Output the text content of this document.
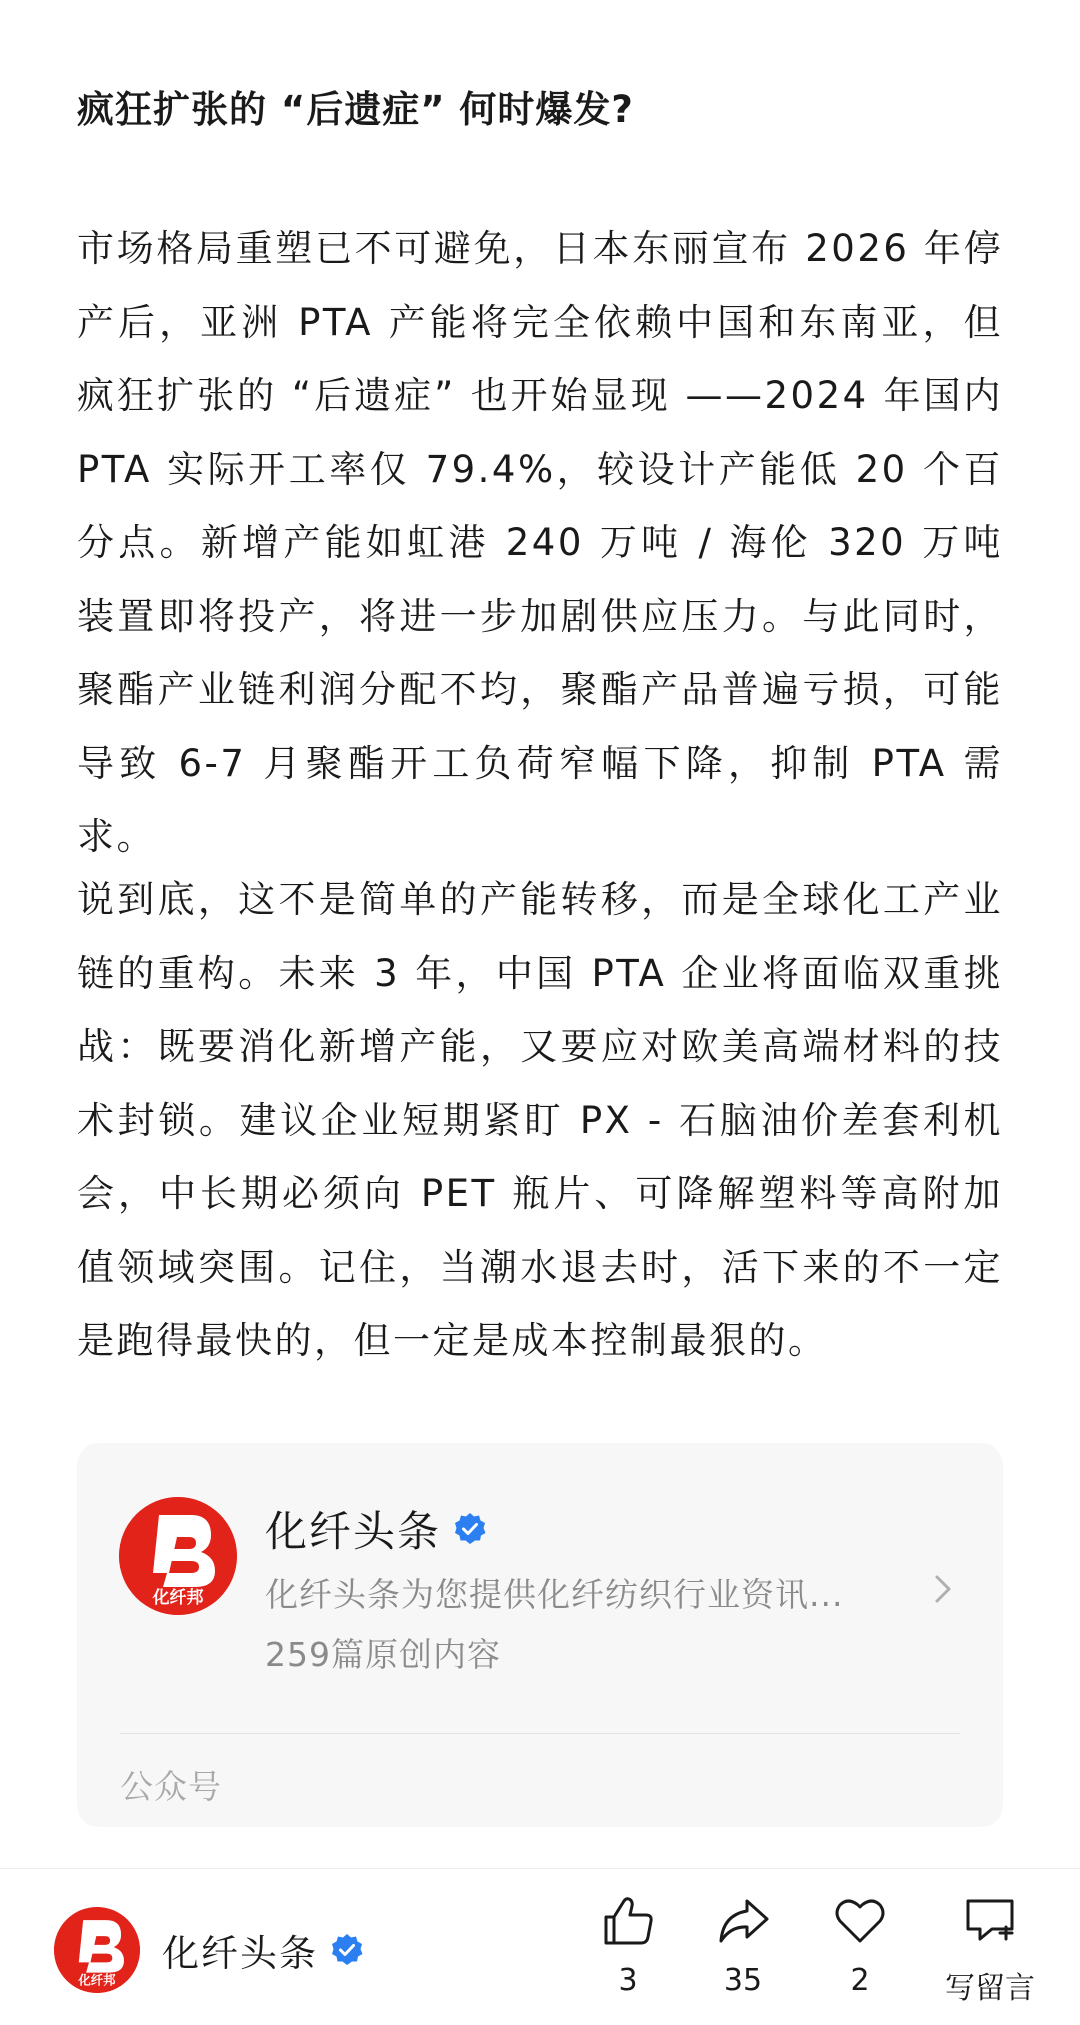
疯狂扩张的 “后遗症” 何时爆发?

市场格局重塑已不可避免，日本东丽宣布 2026 年停产后，亚洲 PTA 产能将完全依赖中国和东南亚，但疯狂扩张的 “后遗症” 也开始显现 ——2024 年国内 PTA 实际开工率仅 79.4%，较设计产能低 20 个百分点。新增产能如虹港 240 万吨 / 海伦 320 万吨装置即将投产，将进一步加剧供应压力。与此同时，聚酯产业链利润分配不均，聚酯产品普遍亏损，可能导致 6-7 月聚酯开工负荷窄幅下降，抑制 PTA 需求。

说到底，这不是简单的产能转移，而是全球化工产业链的重构。未来 3 年，中国 PTA 企业将面临双重挑战：既要消化新增产能，又要应对欧美高端材料的技术封锁。建议企业短期紧盯 PX - 石脑油价差套利机会，中长期必须向 PET 瓶片、可降解塑料等高附加值领域突围。记住，当潮水退去时，活下来的不一定是跑得最快的，但一定是成本控制最狠的。

化纤邦
化纤头条
化纤头条为您提供化纤纺织行业资讯...
259篇原创内容
公众号
化纤邦
化纤头条
3	35	2	写留言
